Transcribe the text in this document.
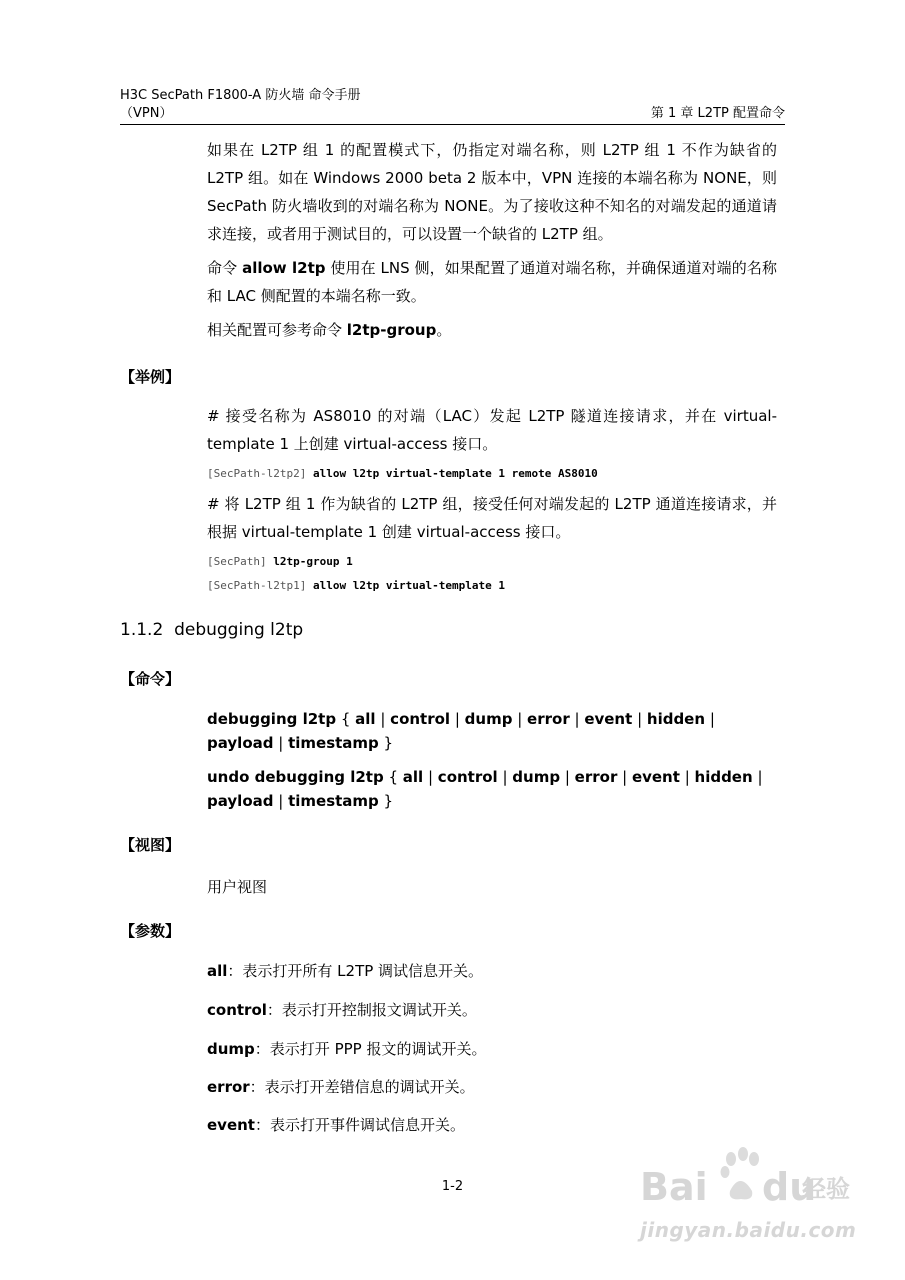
H3C SecPath F1800-A 防火墙 命令手册
（VPN）	第 1 章 L2TP 配置命令
如果在 L2TP 组 1 的配置模式下，仍指定对端名称，则 L2TP 组 1 不作为缺省的 L2TP 组。如在 Windows 2000 beta 2 版本中，VPN 连接的本端名称为 NONE，则 SecPath 防火墙收到的对端名称为 NONE。为了接收这种不知名的对端发起的通道请求连接，或者用于测试目的，可以设置一个缺省的 L2TP 组。
命令 allow l2tp 使用在 LNS 侧，如果配置了通道对端名称，并确保通道对端的名称和 LAC 侧配置的本端名称一致。
相关配置可参考命令 l2tp-group。
【举例】
# 接受名称为 AS8010 的对端（LAC）发起 L2TP 隧道连接请求，并在 virtual-template 1 上创建 virtual-access 接口。
[SecPath-l2tp2] allow l2tp virtual-template 1 remote AS8010
# 将 L2TP 组 1 作为缺省的 L2TP 组，接受任何对端发起的 L2TP 通道连接请求，并根据 virtual-template 1 创建 virtual-access 接口。
[SecPath] l2tp-group 1
[SecPath-l2tp1] allow l2tp virtual-template 1
1.1.2 debugging l2tp
【命令】
debugging l2tp { all | control | dump | error | event | hidden | payload | timestamp }
undo debugging l2tp { all | control | dump | error | event | hidden | payload | timestamp }
【视图】
用户视图
【参数】
all：表示打开所有 L2TP 调试信息开关。
control：表示打开控制报文调试开关。
dump：表示打开 PPP 报文的调试开关。
error：表示打开差错信息的调试开关。
event：表示打开事件调试信息开关。
1-2	Bai du
经验
jingyan.baidu.com
